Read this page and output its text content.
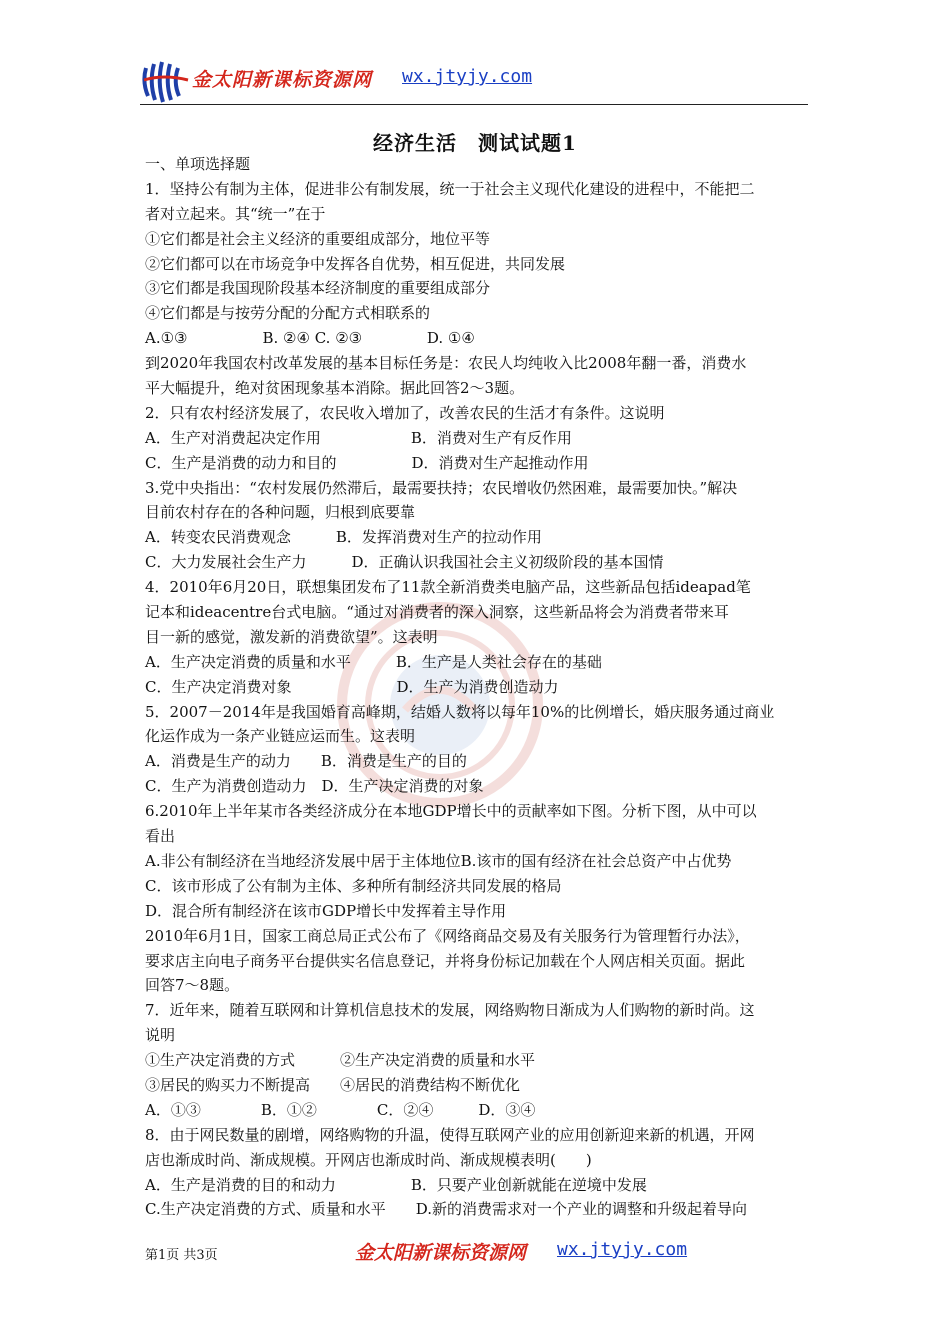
金太阳新课标资源网 wx.jtyjy.com
经济生活　测试试题1
一、单项选择题
1．坚持公有制为主体，促进非公有制发展，统一于社会主义现代化建设的进程中，不能把二
者对立起来。其“统一”在于
①它们都是社会主义经济的重要组成部分，地位平等
②它们都可以在市场竞争中发挥各自优势，相互促进，共同发展
③它们都是我国现阶段基本经济制度的重要组成部分
④它们都是与按劳分配的分配方式相联系的
A.①③　　　　　B. ②④ C. ②③　　　　 D. ①④
到2020年我国农村改革发展的基本目标任务是：农民人均纯收入比2008年翻一番，消费水
平大幅提升，绝对贫困现象基本消除。据此回答2～3题。
2．只有农村经济发展了，农民收入增加了，改善农民的生活才有条件。这说明
A．生产对消费起决定作用　　　　　　B．消费对生产有反作用
C．生产是消费的动力和目的　　　　　D．消费对生产起推动作用
3.党中央指出：“农村发展仍然滞后，最需要扶持；农民增收仍然困难，最需要加快。”解决
目前农村存在的各种问题，归根到底要靠
A．转变农民消费观念　　　B．发挥消费对生产的拉动作用
C．大力发展社会生产力　　　D．正确认识我国社会主义初级阶段的基本国情
4．2010年6月20日，联想集团发布了11款全新消费类电脑产品，这些新品包括ideapad笔
记本和ideacentre台式电脑。“通过对消费者的深入洞察，这些新品将会为消费者带来耳
目一新的感觉，激发新的消费欲望”。这表明
A．生产决定消费的质量和水平　　　B．生产是人类社会存在的基础
C．生产决定消费对象　　　　　　　D．生产为消费创造动力
5．2007－2014年是我国婚育高峰期，结婚人数将以每年10%的比例增长，婚庆服务通过商业
化运作成为一条产业链应运而生。这表明
A．消费是生产的动力　　B．消费是生产的目的
C．生产为消费创造动力　D．生产决定消费的对象
6.2010年上半年某市各类经济成分在本地GDP增长中的贡献率如下图。分析下图，从中可以
看出
A.非公有制经济在当地经济发展中居于主体地位B.该市的国有经济在社会总资产中占优势
C．该市形成了公有制为主体、多种所有制经济共同发展的格局
D．混合所有制经济在该市GDP增长中发挥着主导作用
2010年6月1日，国家工商总局正式公布了《网络商品交易及有关服务行为管理暂行办法》，
要求店主向电子商务平台提供实名信息登记，并将身份标记加载在个人网店相关页面。据此
回答7～8题。
7．近年来，随着互联网和计算机信息技术的发展，网络购物日渐成为人们购物的新时尚。这
说明
①生产决定消费的方式　　　②生产决定消费的质量和水平
③居民的购买力不断提高　　④居民的消费结构不断优化
A．①③　　　　B．①②　　　　C．②④　　　D．③④
8．由于网民数量的剧增，网络购物的升温，使得互联网产业的应用创新迎来新的机遇，开网
店也渐成时尚、渐成规模。开网店也渐成时尚、渐成规模表明(　　)
A．生产是消费的目的和动力　　　　　B．只要产业创新就能在逆境中发展
C.生产决定消费的方式、质量和水平　　D.新的消费需求对一个产业的调整和升级起着导向
第1页 共3页	金太阳新课标资源网 wx.jtyjy.com
